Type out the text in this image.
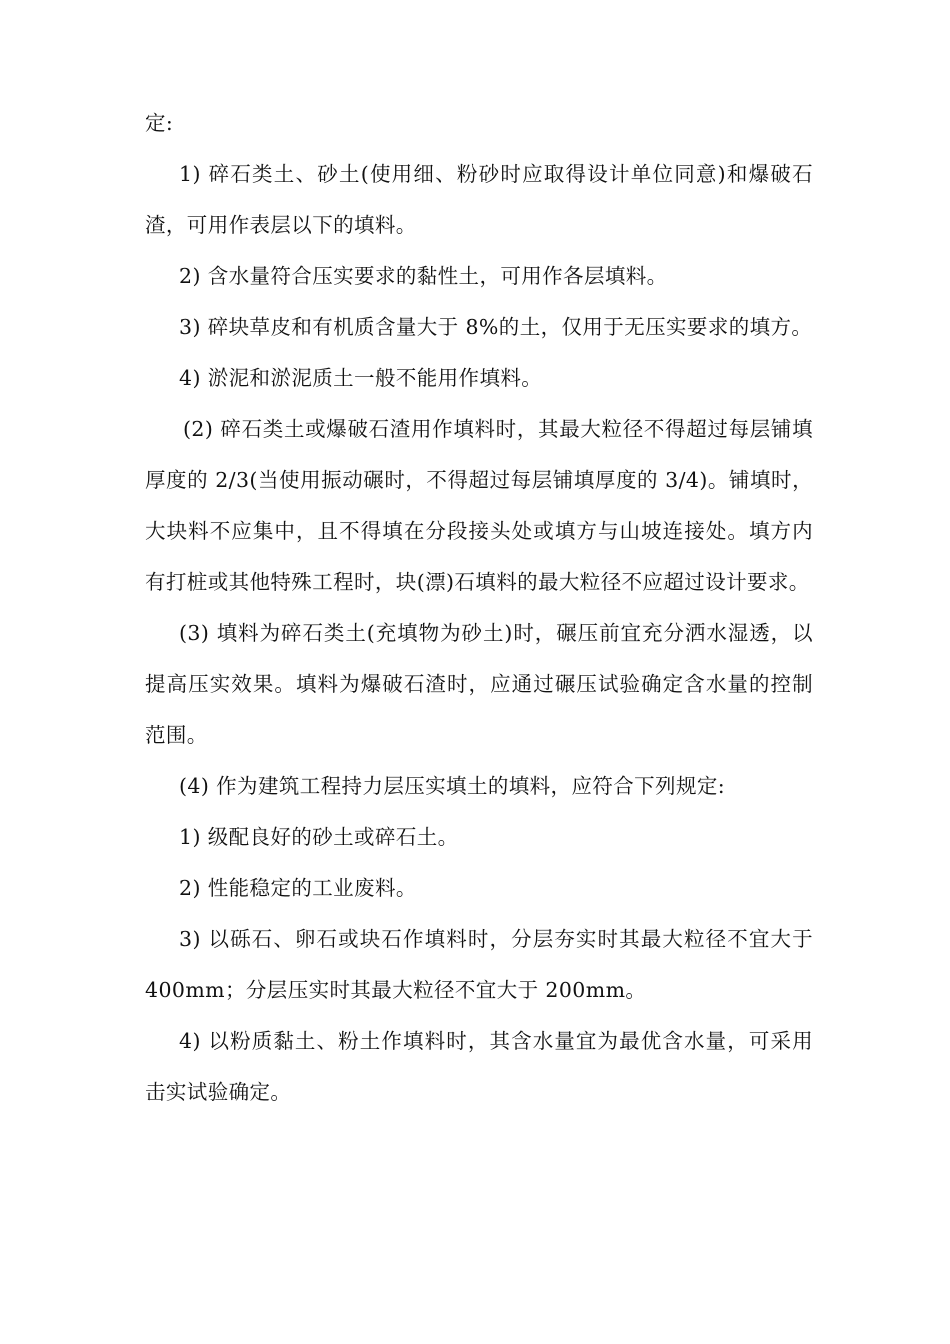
定:

1) 碎石类土、砂土(使用细、粉砂时应取得设计单位同意)和爆破石渣，可用作表层以下的填料。

2) 含水量符合压实要求的黏性土，可用作各层填料。

3) 碎块草皮和有机质含量大于 8%的土，仅用于无压实要求的填方。

4) 淤泥和淤泥质土一般不能用作填料。

(2) 碎石类土或爆破石渣用作填料时，其最大粒径不得超过每层铺填厚度的 2/3(当使用振动碾时，不得超过每层铺填厚度的 3/4)。铺填时，大块料不应集中，且不得填在分段接头处或填方与山坡连接处。填方内有打桩或其他特殊工程时，块(漂)石填料的最大粒径不应超过设计要求。

(3) 填料为碎石类土(充填物为砂土)时，碾压前宜充分洒水湿透，以提高压实效果。填料为爆破石渣时，应通过碾压试验确定含水量的控制范围。

(4) 作为建筑工程持力层压实填土的填料，应符合下列规定:

1) 级配良好的砂土或碎石土。

2) 性能稳定的工业废料。

3) 以砾石、卵石或块石作填料时，分层夯实时其最大粒径不宜大于 400mm；分层压实时其最大粒径不宜大于 200mm。

4) 以粉质黏土、粉土作填料时，其含水量宜为最优含水量，可采用击实试验确定。
